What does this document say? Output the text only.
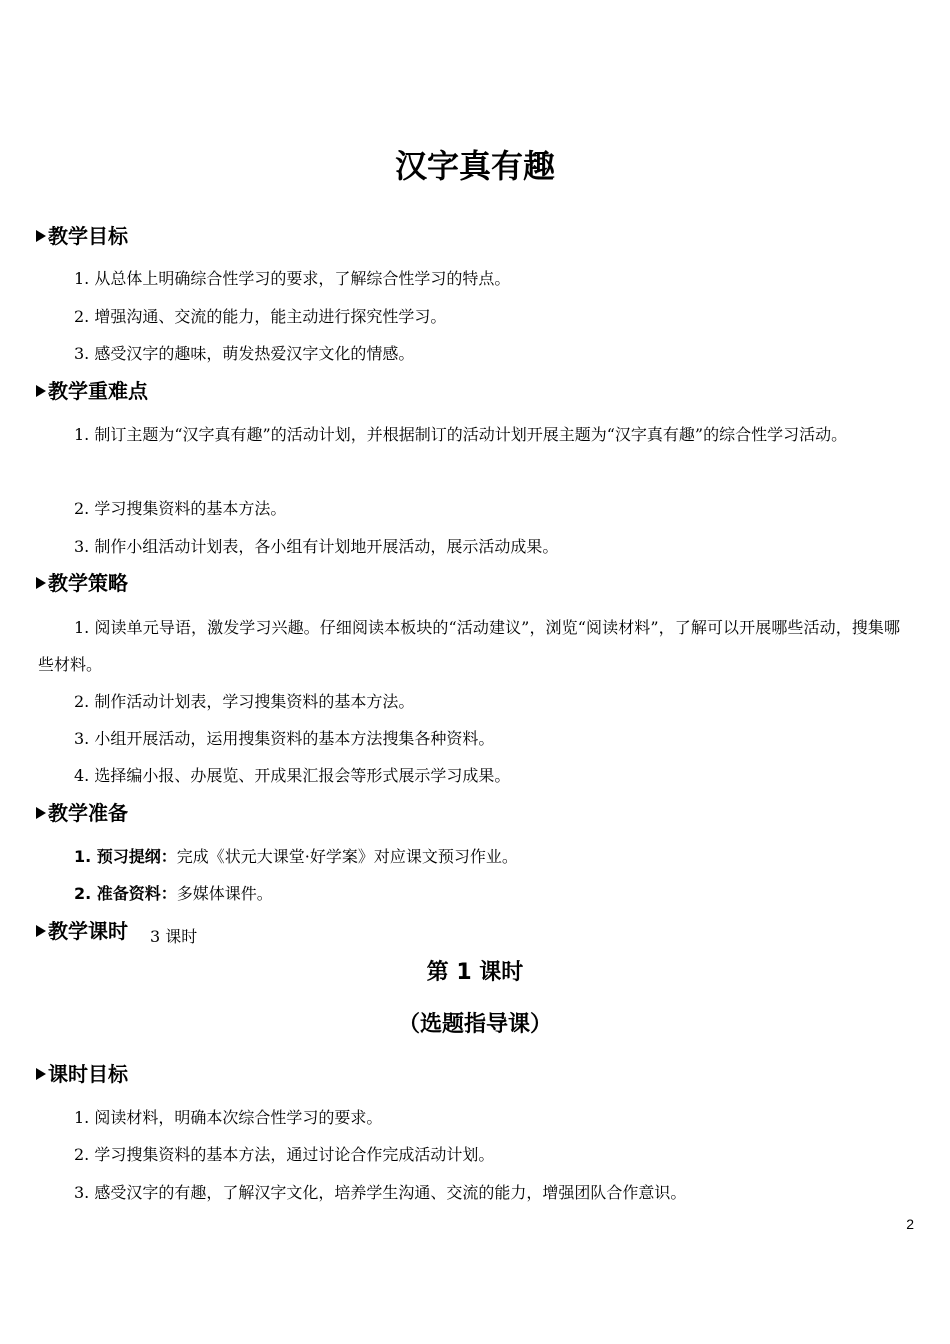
汉字真有趣
教学目标
1. 从总体上明确综合性学习的要求，了解综合性学习的特点。
2. 增强沟通、交流的能力，能主动进行探究性学习。
3. 感受汉字的趣味，萌发热爱汉字文化的情感。
教学重难点
1. 制订主题为“汉字真有趣”的活动计划，并根据制订的活动计划开展主题为“汉字真有趣”的综合性学习活动。
2. 学习搜集资料的基本方法。
3. 制作小组活动计划表，各小组有计划地开展活动，展示活动成果。
教学策略
1. 阅读单元导语，激发学习兴趣。仔细阅读本板块的“活动建议”，浏览“阅读材料”，了解可以开展哪些活动，搜集哪些材料。
2. 制作活动计划表，学习搜集资料的基本方法。
3. 小组开展活动，运用搜集资料的基本方法搜集各种资料。
4. 选择编小报、办展览、开成果汇报会等形式展示学习成果。
教学准备
1. 预习提纲：完成《状元大课堂·好学案》对应课文预习作业。
2. 准备资料：多媒体课件。
教学课时 $_{3 课时}$
第 1 课时
（选题指导课）
课时目标
1. 阅读材料，明确本次综合性学习的要求。
2. 学习搜集资料的基本方法，通过讨论合作完成活动计划。
3. 感受汉字的有趣，了解汉字文化，培养学生沟通、交流的能力，增强团队合作意识。
2
